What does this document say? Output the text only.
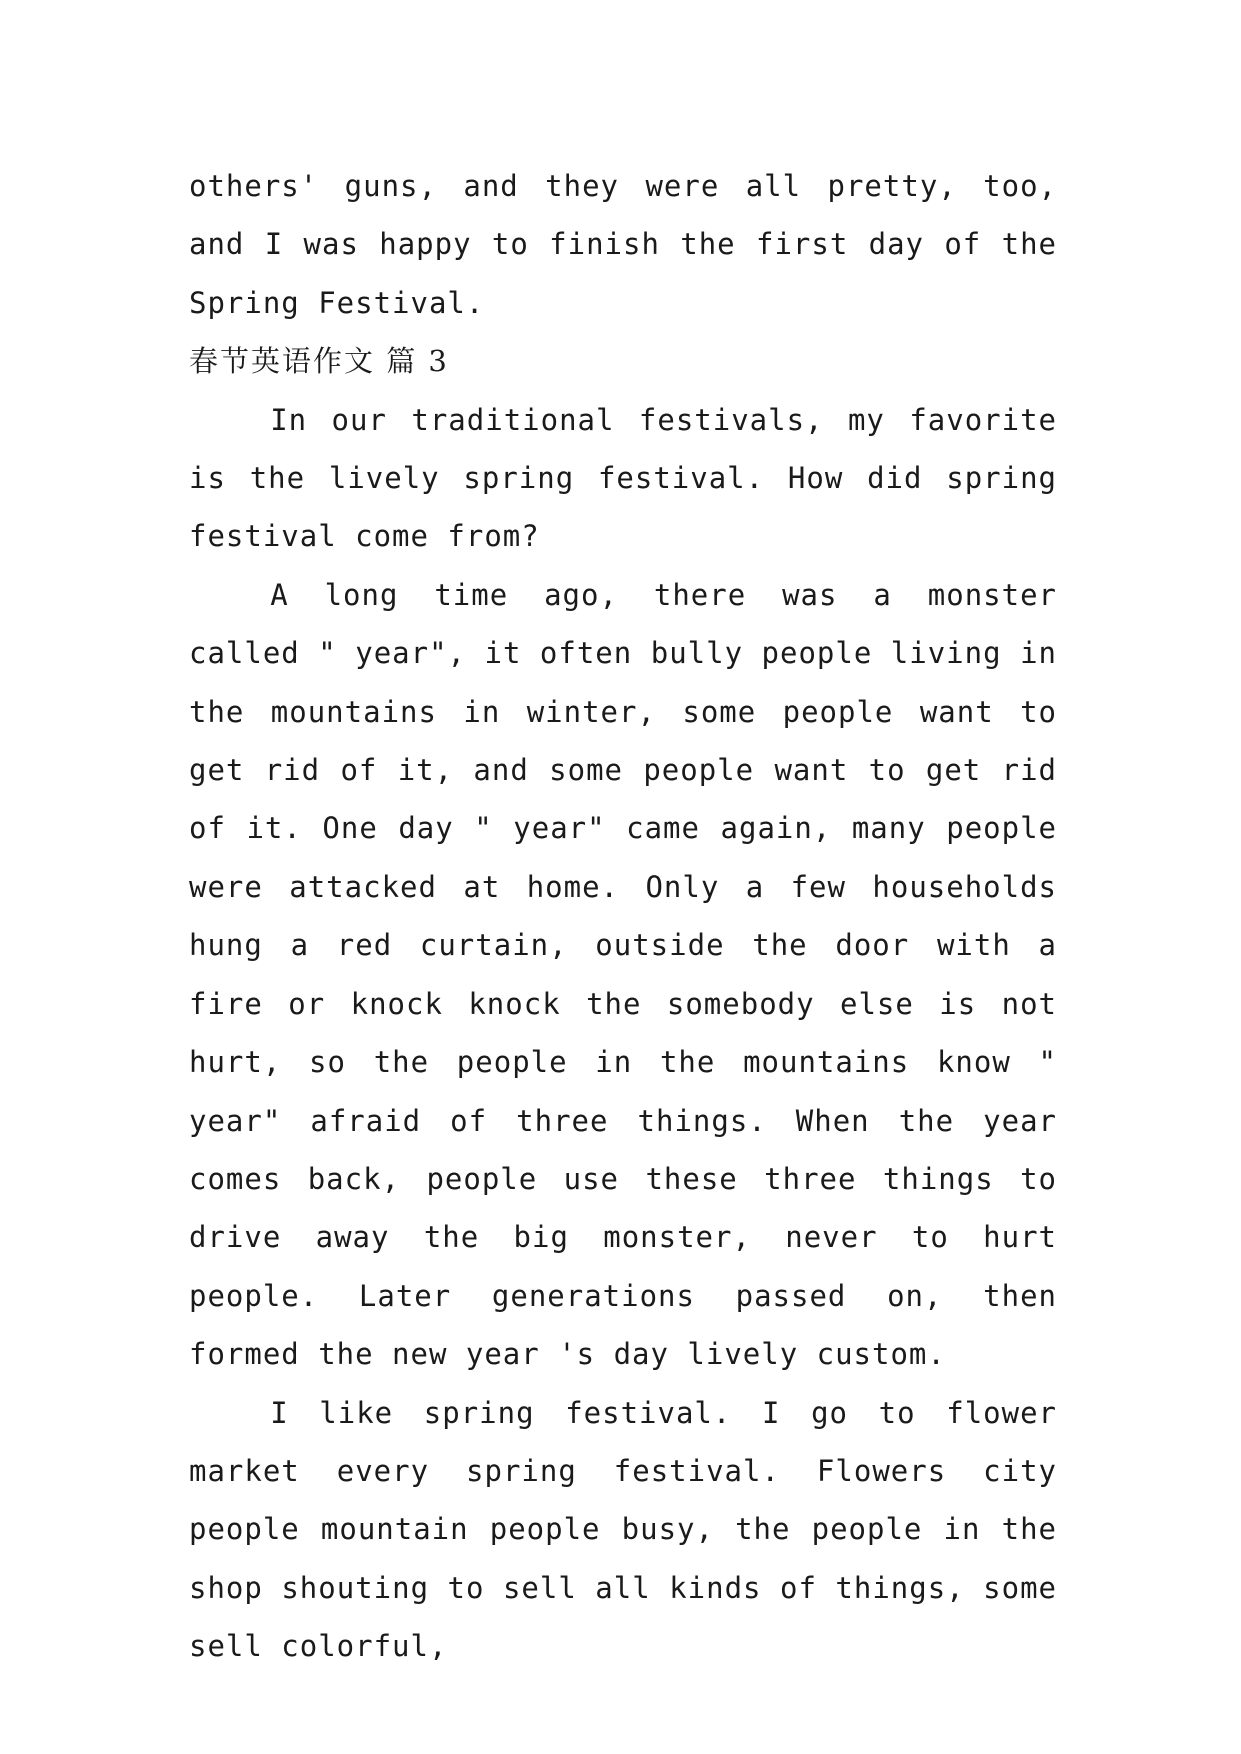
others' guns, and they were all pretty, too, and I was happy to finish the first day of the Spring Festival.

春节英语作文 篇 3

In our traditional festivals, my favorite is the lively spring festival. How did spring festival come from?

A long time ago, there was a monster called " year", it often bully people living in the mountains in winter, some people want to get rid of it, and some people want to get rid of it. One day " year" came again, many people were attacked at home. Only a few households hung a red curtain, outside the door with a fire or knock knock the somebody else is not hurt, so the people in the mountains know " year" afraid of three things. When the year comes back, people use these three things to drive away the big monster, never to hurt people. Later generations passed on, then formed the new year 's day lively custom.

I like spring festival. I go to flower market every spring festival. Flowers city people mountain people busy, the people in the shop shouting to sell all kinds of things, some sell colorful,
